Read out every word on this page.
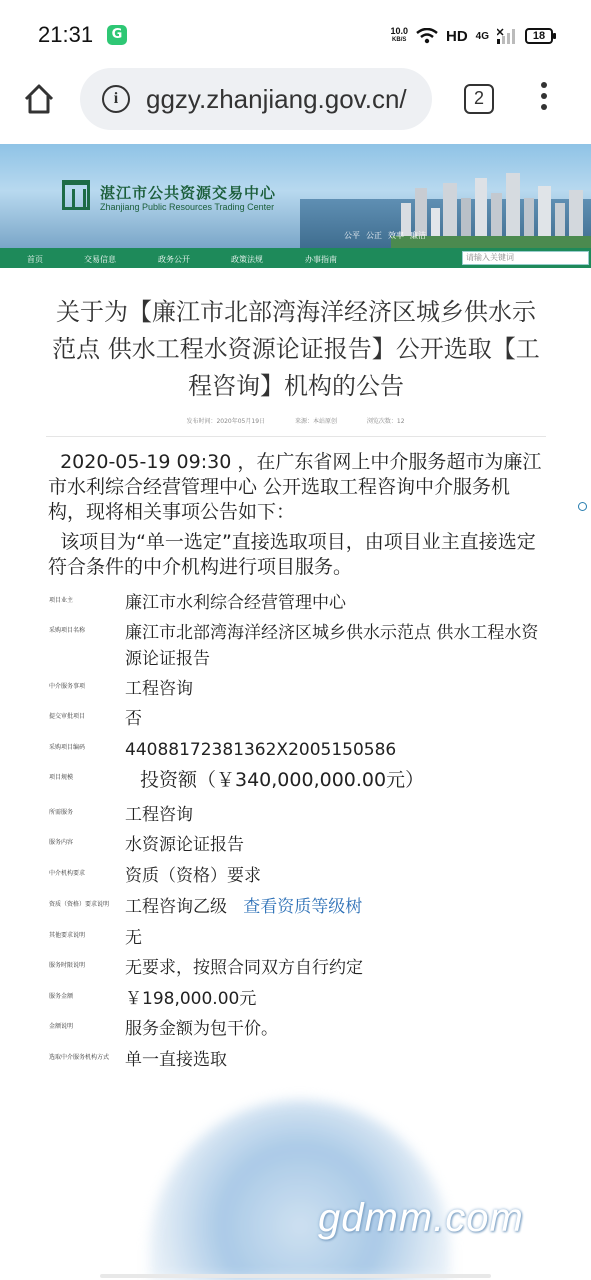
21:31	G	10.0
KB/S	HD 4G	18
i	ggzy.zhanjiang.gov.cn/	2
湛江市公共资源交易中心
Zhanjiang Public Resources Trading Center
公平 公正 效率 廉洁
首页	交易信息	政务公开	政策法规	办事指南	请输入关键词
关于为【廉江市北部湾海洋经济区城乡供水示范点 供水工程水资源论证报告】公开选取【工程咨询】机构的公告
发布时间：2020年05月19日	来源：本站原创	浏览次数：12
2020-05-19 09:30 ，在广东省网上中介服务超市为廉江市水利综合经营管理中心 公开选取工程咨询中介服务机构，现将相关事项公告如下：
该项目为“单一选定”直接选取项目，由项目业主直接选定符合条件的中介机构进行项目服务。
项目业主	廉江市水利综合经营管理中心
采购项目名称 廉江市北部湾海洋经济区城乡供水示范点 供水工程水资源论证报告
中介服务事项 工程咨询
提交审批项目 否
采购项目编码 44088172381362X2005150586
项目规模	投资额（￥340,000,000.00元）
所需服务	工程咨询
服务内容	水资源论证报告
中介机构要求 资质（资格）要求
资质（资格）要求说明 工程咨询乙级 查看资质等级树
其他要求说明 无
服务时限说明 无要求，按照合同双方自行约定
服务金额	￥198,000.00元
金额说明	服务金额为包干价。
选取中介服务机构方式 单一直接选取
gdmm.com
